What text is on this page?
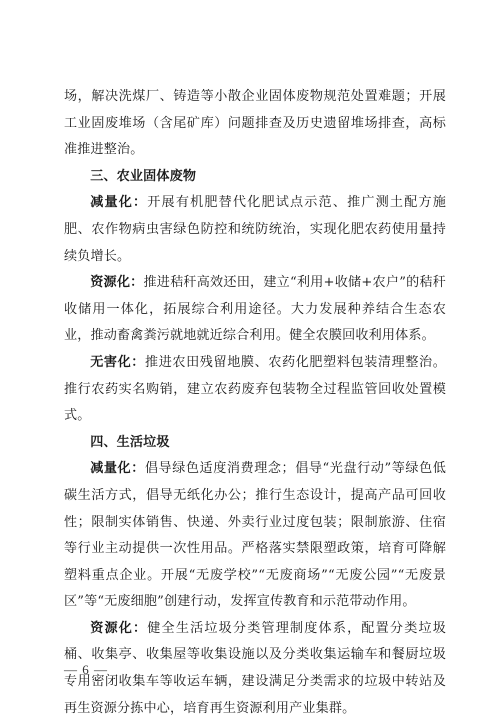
场，解决洗煤厂、铸造等小散企业固体废物规范处置难题；开展工业固废堆场（含尾矿库）问题排查及历史遗留堆场排查，高标准推进整治。

三、农业固体废物

减量化：开展有机肥替代化肥试点示范、推广测土配方施肥、农作物病虫害绿色防控和统防统治，实现化肥农药使用量持续负增长。

资源化：推进秸秆高效还田，建立“利用+收储+农户”的秸秆收储用一体化，拓展综合利用途径。大力发展种养结合生态农业，推动畜禽粪污就地就近综合利用。健全农膜回收利用体系。

无害化：推进农田残留地膜、农药化肥塑料包装清理整治。推行农药实名购销，建立农药废弃包装物全过程监管回收处置模式。

四、生活垃圾

减量化：倡导绿色适度消费理念；倡导“光盘行动”等绿色低碳生活方式，倡导无纸化办公；推行生态设计，提高产品可回收性；限制实体销售、快递、外卖行业过度包装；限制旅游、住宿等行业主动提供一次性用品。严格落实禁限塑政策，培育可降解塑料重点企业。开展“无废学校”“无废商场”“无废公园”“无废景区”等“无废细胞”创建行动，发挥宣传教育和示范带动作用。

资源化：健全生活垃圾分类管理制度体系，配置分类垃圾桶、收集亭、收集屋等收集设施以及分类收集运输车和餐厨垃圾专用密闭收集车等收运车辆，建设满足分类需求的垃圾中转站及再生资源分拣中心，培育再生资源利用产业集群。

— 6 —
